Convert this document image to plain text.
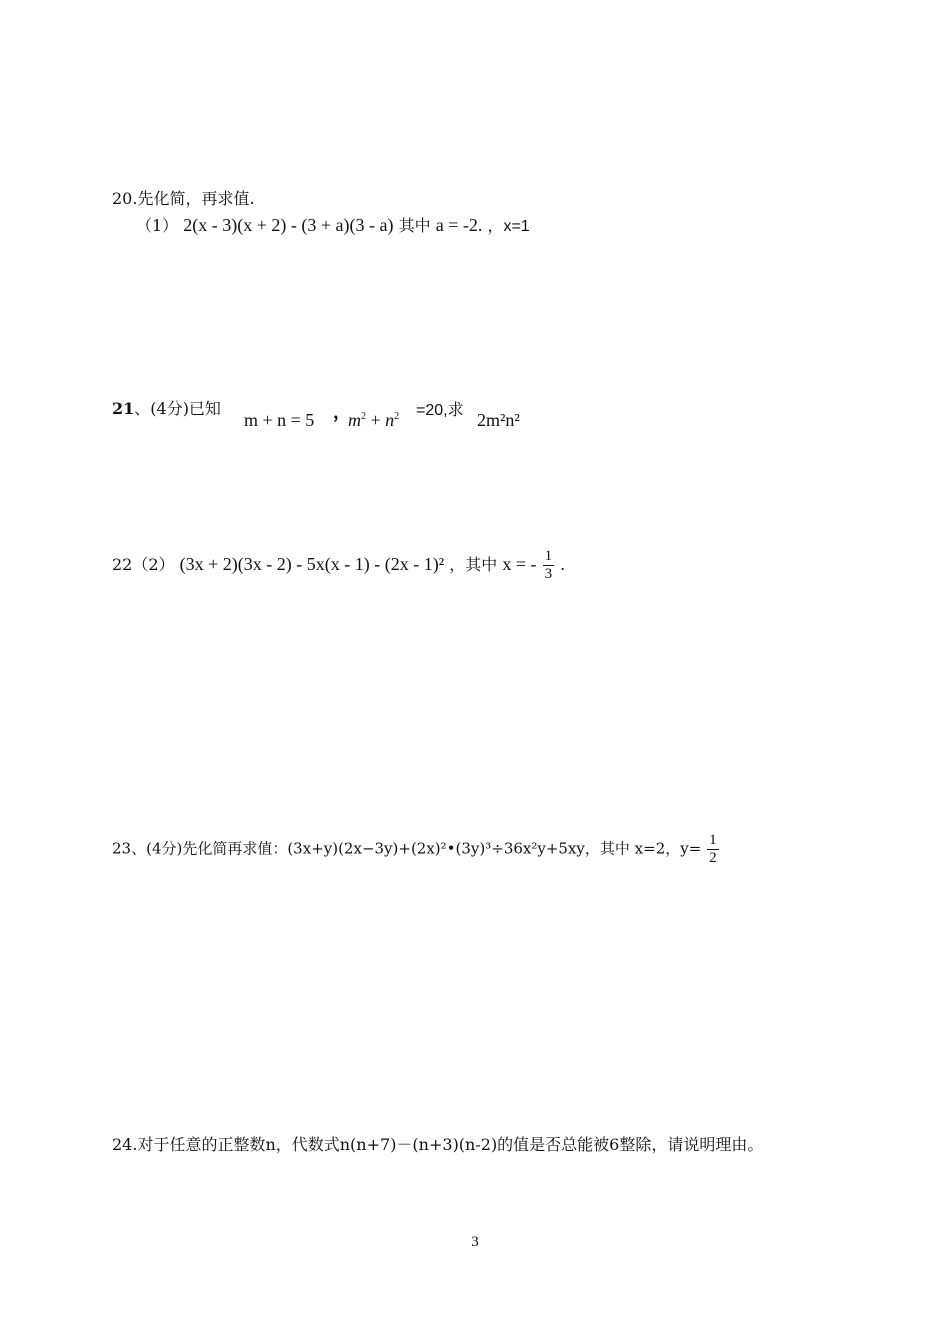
20.先化简，再求值.
（1） 2(x - 3)(x + 2) - (3 + a)(3 - a) 其中 a = -2. ，x=1
21、(4分)已知
m + n = 5 ，
$m^2 + n^2 =20$,求 2m²n²
22（2） (3x + 2)(3x - 2) - 5x(x - 1) - (2x - 1)² ，其中 x = - $\frac{1}{3}$ .
23、(4分)先化简再求值：(3x+y)(2x−3y)+(2x)²•(3y)³÷36x²y+5xy，其中 x=2，$y= \frac{1}{2}$
24.对于任意的正整数n，代数式n(n+7)－(n+3)(n-2)的值是否总能被6整除，请说明理由。
3
